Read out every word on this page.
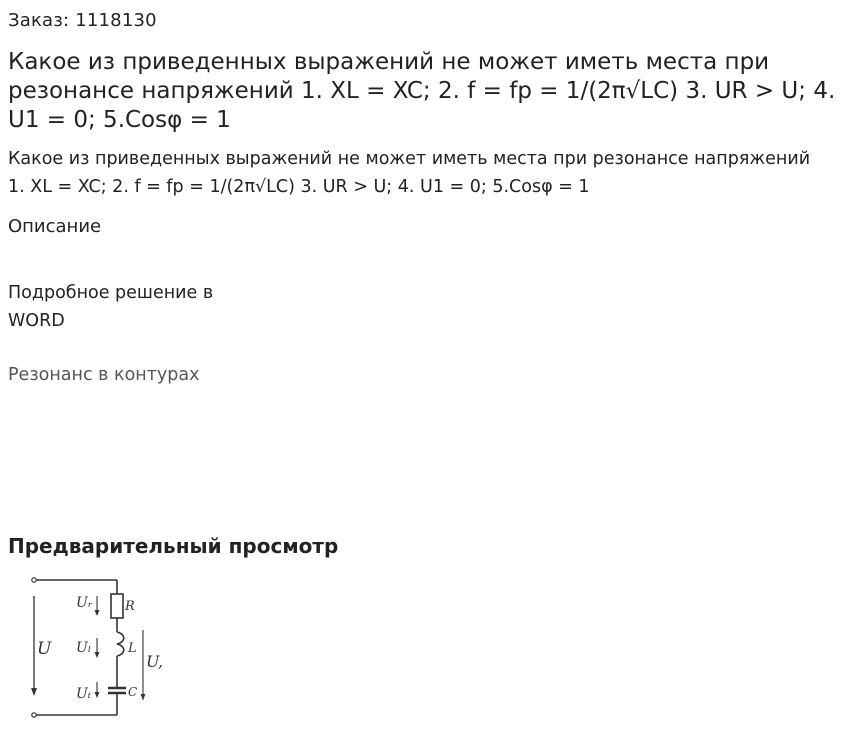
Заказ: 1118130
Какое из приведенных выражений не может иметь места при резонансе напряжений 1. XL = XC; 2. f = fр = 1/(2π√LC) 3. UR > U; 4. U1 = 0; 5.Cosφ = 1

Какое из приведенных выражений не может иметь места при резонансе напряжений 1. XL = XC; 2. f = fр = 1/(2π√LC) 3. UR > U; 4. U1 = 0; 5.Cosφ = 1

Описание
Подробное решение в WORD
Резонанс в контурах
Предварительный просмотр
U
Uᵣ R
Uₗ	L
Uₜ	C
U,
